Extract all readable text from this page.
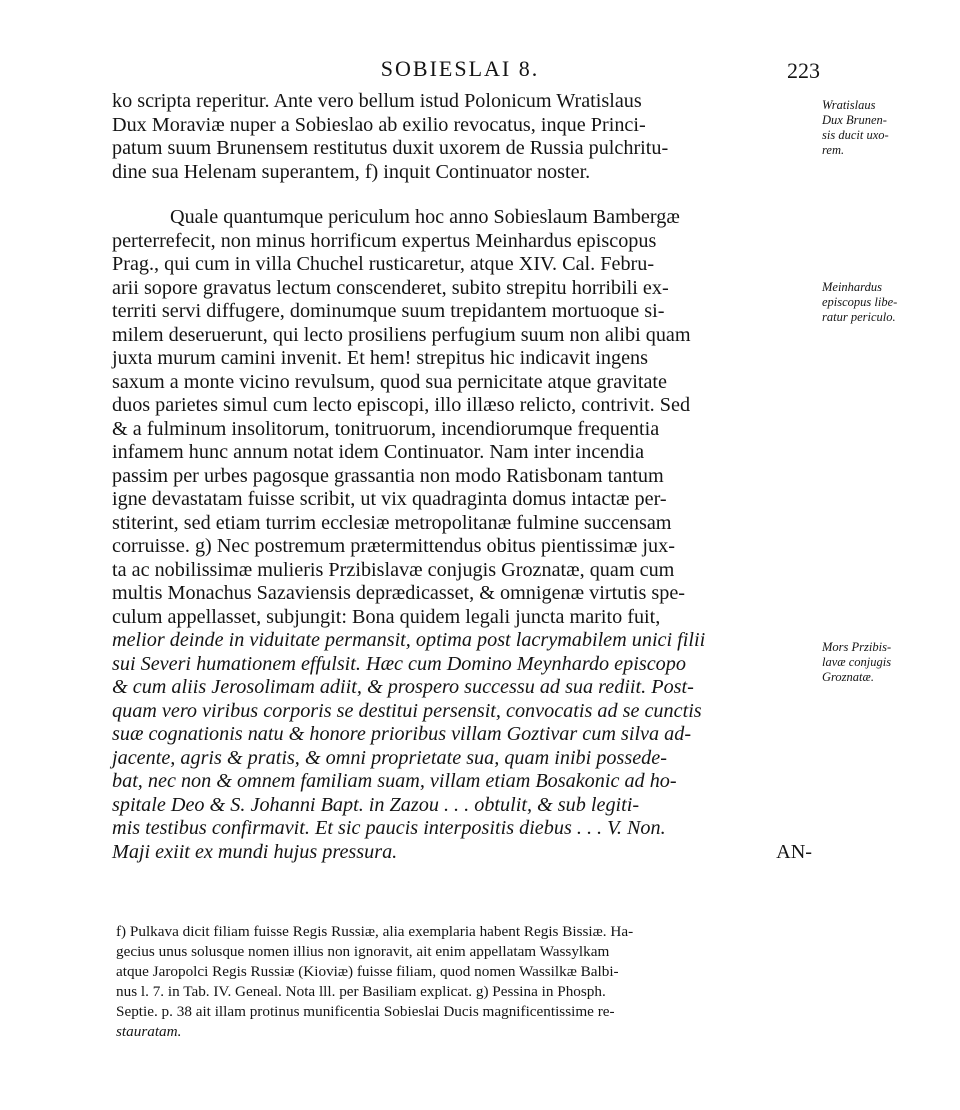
SOBIESLAI 8.	223
ko scripta reperitur. Ante vero bellum istud Polonicum Wratislaus
Dux Moraviæ nuper a Sobieslao ab exilio revocatus, inque Princi-
patum suum Brunensem restitutus duxit uxorem de Russia pulchritu-
dine sua Helenam superantem, f) inquit Continuator noster.
Quale quantumque periculum hoc anno Sobieslaum Bambergæ
perterrefecit, non minus horrificum expertus Meinhardus episcopus
Prag., qui cum in villa Chuchel rusticaretur, atque XIV. Cal. Febru-
arii sopore gravatus lectum conscenderet, subito strepitu horribili ex-
territi servi diffugere, dominumque suum trepidantem mortuoque si-
milem deseruerunt, qui lecto prosiliens perfugium suum non alibi quam
juxta murum camini invenit. Et hem! strepitus hic indicavit ingens
saxum a monte vicino revulsum, quod sua pernicitate atque gravitate
duos parietes simul cum lecto episcopi, illo illæso relicto, contrivit. Sed
& a fulminum insolitorum, tonitruorum, incendiorumque frequentia
infamem hunc annum notat idem Continuator. Nam inter incendia
passim per urbes pagosque grassantia non modo Ratisbonam tantum
igne devastatam fuisse scribit, ut vix quadraginta domus intactæ per-
stiterint, sed etiam turrim ecclesiæ metropolitanæ fulmine succensam
corruisse. g) Nec postremum prætermittendus obitus pientissimæ jux-
ta ac nobilissimæ mulieris Przibislavæ conjugis Groznatæ, quam cum
multis Monachus Sazaviensis deprædicasset, & omnigenæ virtutis spe-
culum appellasset, subjungit: Bona quidem legali juncta marito fuit,
melior deinde in viduitate permansit, optima post lacrymabilem unici filii
sui Severi humationem effulsit. Hæc cum Domino Meynhardo episcopo
& cum aliis Jerosolimam adiit, & prospero successu ad sua rediit. Post-
quam vero viribus corporis se destitui persensit, convocatis ad se cunctis
suæ cognationis natu & honore prioribus villam Goztivar cum silva ad-
jacente, agris & pratis, & omni proprietate sua, quam inibi possede-
bat, nec non & omnem familiam suam, villam etiam Bosakonic ad ho-
spitale Deo & S. Johanni Bapt. in Zazou . . . obtulit, & sub legiti-
mis testibus confirmavit. Et sic paucis interpositis diebus . . . V. Non.
Maji exiit ex mundi hujus pressura.	AN-
Wratislaus
Dux Brunen-
sis ducit uxo-
rem.
Meinhardus
episcopus libe-
ratur periculo.
Mors Przibis-
lavæ conjugis
Groznatæ.
f) Pulkava dicit filiam fuisse Regis Russiæ, alia exemplaria habent Regis Bissiæ. Ha-
gecius unus solusque nomen illius non ignoravit, ait enim appellatam Wassylkam
atque Jaropolci Regis Russiæ (Kioviæ) fuisse filiam, quod nomen Wassilkæ Balbi-
nus l. 7. in Tab. IV. Geneal. Nota lll. per Basiliam explicat. g) Pessina in Phosph.
Septie. p. 38 ait illam protinus munificentia Sobieslai Ducis magnificentissime re-
stauratam.
